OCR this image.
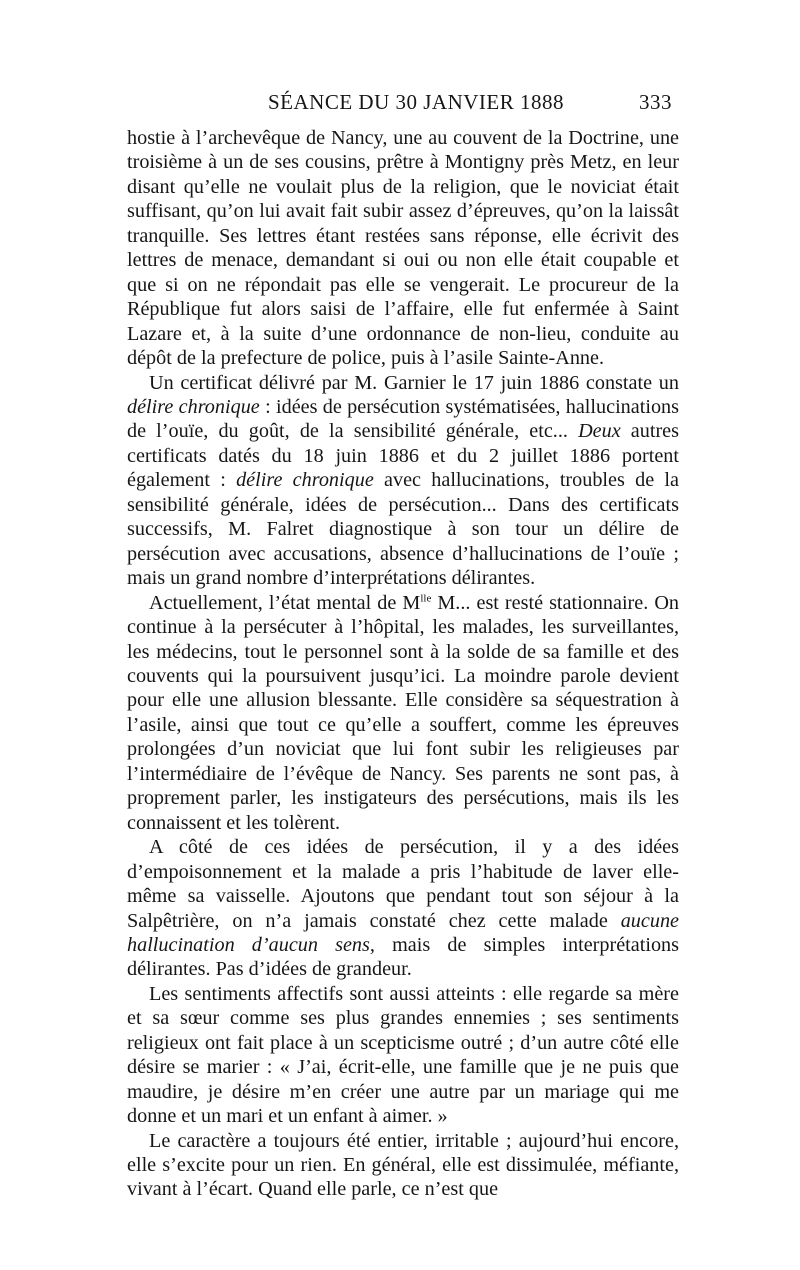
SÉANCE DU 30 JANVIER 1888	333

hostie à l’archevêque de Nancy, une au couvent de la Doctrine, une troisième à un de ses cousins, prêtre à Montigny près Metz, en leur disant qu’elle ne voulait plus de la religion, que le noviciat était suffisant, qu’on lui avait fait subir assez d’épreuves, qu’on la laissât tranquille. Ses lettres étant restées sans réponse, elle écrivit des lettres de menace, demandant si oui ou non elle était coupable et que si on ne répondait pas elle se vengerait. Le procureur de la République fut alors saisi de l’affaire, elle fut enfermée à Saint Lazare et, à la suite d’une ordonnance de non-lieu, conduite au dépôt de la prefecture de police, puis à l’asile Sainte-Anne.

Un certificat délivré par M. Garnier le 17 juin 1886 constate un délire chronique : idées de persécution systématisées, hallucinations de l’ouïe, du goût, de la sensibilité générale, etc... Deux autres certificats datés du 18 juin 1886 et du 2 juillet 1886 portent également : délire chronique avec hallucinations, troubles de la sensibilité générale, idées de persécution... Dans des certificats successifs, M. Falret diagnostique à son tour un délire de persécution avec accusations, absence d’hallucinations de l’ouïe ; mais un grand nombre d’interprétations délirantes.

Actuellement, l’état mental de $M^{lle}$ M... est resté stationnaire. On continue à la persécuter à l’hôpital, les malades, les surveillantes, les médecins, tout le personnel sont à la solde de sa famille et des couvents qui la poursuivent jusqu’ici. La moindre parole devient pour elle une allusion blessante. Elle considère sa séquestration à l’asile, ainsi que tout ce qu’elle a souffert, comme les épreuves prolongées d’un noviciat que lui font subir les religieuses par l’intermédiaire de l’évêque de Nancy. Ses parents ne sont pas, à proprement parler, les instigateurs des persécutions, mais ils les connaissent et les tolèrent.

A côté de ces idées de persécution, il y a des idées d’empoisonnement et la malade a pris l’habitude de laver elle-même sa vaisselle. Ajoutons que pendant tout son séjour à la Salpêtrière, on n’a jamais constaté chez cette malade aucune hallucination d’aucun sens, mais de simples interprétations délirantes. Pas d’idées de grandeur.

Les sentiments affectifs sont aussi atteints : elle regarde sa mère et sa sœur comme ses plus grandes ennemies ; ses sentiments religieux ont fait place à un scepticisme outré ; d’un autre côté elle désire se marier : « J’ai, écrit-elle, une famille que je ne puis que maudire, je désire m’en créer une autre par un mariage qui me donne et un mari et un enfant à aimer. »

Le caractère a toujours été entier, irritable ; aujourd’hui encore, elle s’excite pour un rien. En général, elle est dissimulée, méfiante, vivant à l’écart. Quand elle parle, ce n’est que
